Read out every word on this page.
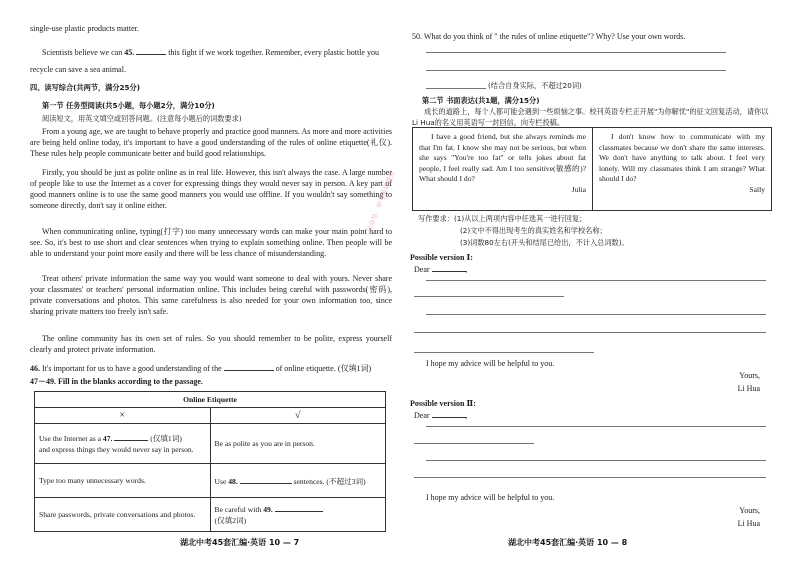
single-use plastic products matter.

Scientists believe we can 45.	this fight if we work together. Remember, every plastic bottle you

recycle can save a sea animal.

四、读写综合(共两节，满分25分)

第一节 任务型阅读(共5小题，每小题2分，满分10分)

阅读短文，用英文填空或回答问题。(注意每小题后的词数要求)

From a young age, we are taught to behave properly and practice good manners. As more and more activities are being held online today, it's important to have a good understanding of the rules of online etiquette(礼仪). These rules help people communicate better and build good relationships.

Firstly, you should be just as polite online as in real life. However, this isn't always the case. A large number of people like to use the Internet as a cover for expressing things they would never say in person. A key part of good manners online is to use the same good manners you would use offline. If you wouldn't say something to someone directly, don't say it online either.

When communicating online, typing(打字) too many unnecessary words can make your main point hard to see. So, it's best to use short and clear sentences when trying to explain something online. Then people will be able to understand your point more easily and there will be less chance of misunderstanding.

Treat others' private information the same way you would want someone to deal with yours. Never share your classmates' or teachers' personal information online. This includes being careful with passwords(密码), private conversations and photos. This same carefulness is also needed for your own information too, since sharing private matters too freely isn't safe.

The online community has its own set of rules. So you should remember to be polite, express yourself clearly and protect private information.

46. It's important for us to have a good understanding of the	of online etiquette. (仅填1词)

47－49. Fill in the blanks according to the passage.

Online Etiquette	
×	√
Use the Internet as a 47. (仅填1词)
and express things they would never say in person.	Be as polite as you are in person.
Type too many unnecessary words.	Use 48. sentences. (不超过3词)
Share passwords, private conversations and photos.	Be careful with 49.
(仅填2词)
湖北中考45套汇编·英语 10 — 7

50. What do you think of " the rules of online etiquette"? Why? Use your own words.

(结合自身实际，不超过20词)

第二节 书面表达(共1题，满分15分)

成长的道路上，每个人都可能会遇到一些烦恼之事。校刊英语专栏正开展"为你解忧"的征文回复活动，请你以Li Hua的名义用英语写一封回信，向专栏投稿。

I have a good friend, but she always reminds me that I'm fat. I know she may not be serious, but when she says "You're too fat" or tells jokes about fat people, I feel really sad. Am I too sensitive(敏感的)? What should I do?
Julia
I don't know how to communicate with my classmates because we don't share the same interests. We don't have anything to talk about. I feel very lonely. Will my classmates think I am strange? What should I do?
Sally

写作要求：(1)从以上两项内容中任选其一进行回复；

(2)文中不得出现考生的真实姓名和学校名称；

(3)词数80左右(开头和结尾已给出，不计入总词数)。

Possible version Ⅰ:

Dear	,

I hope my advice will be helpful to you.

Yours,

Li Hua

Possible version Ⅱ:

Dear	,

I hope my advice will be helpful to you.

Yours,

Li Hua

湖北中考45套汇编·英语 10 — 8
公众号：中考英语研究
